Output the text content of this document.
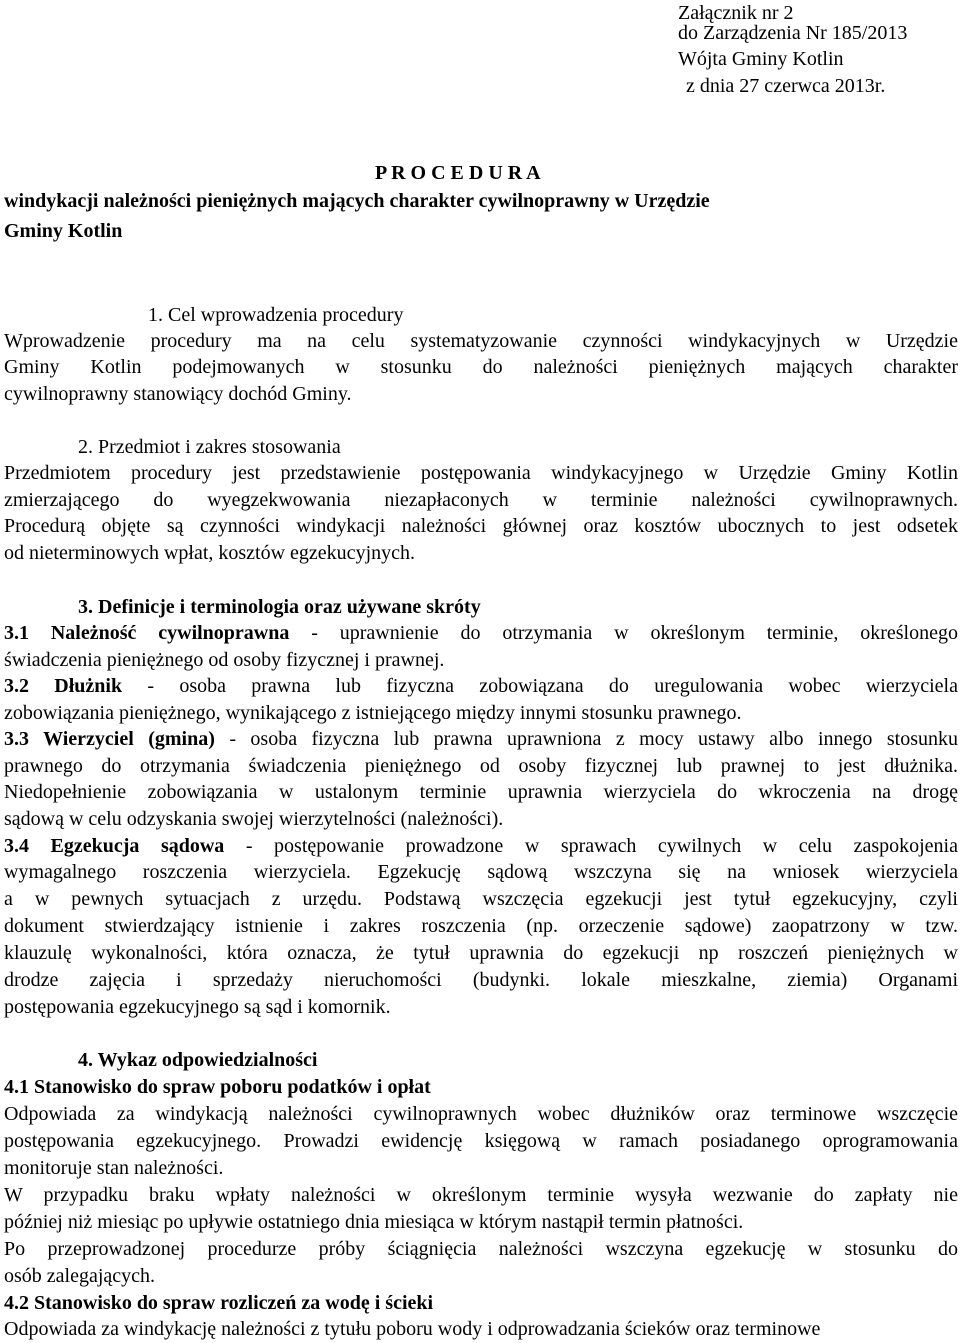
Załącznik nr 2
do Zarządzenia Nr 185/2013
Wójta Gminy Kotlin
z dnia 27 czerwca 2013r.
P R O C E D U R A
windykacji należności pieniężnych mających charakter cywilnoprawny w Urzędzie
Gminy Kotlin
1. Cel wprowadzenia procedury
Wprowadzenie procedury ma na celu systematyzowanie czynności windykacyjnych w Urzędzie
Gminy Kotlin podejmowanych w stosunku do należności pieniężnych mających charakter
cywilnoprawny stanowiący dochód Gminy.
2. Przedmiot i zakres stosowania
Przedmiotem procedury jest przedstawienie postępowania windykacyjnego w Urzędzie Gminy Kotlin
zmierzającego do wyegzekwowania niezapłaconych w terminie należności cywilnoprawnych.
Procedurą objęte są czynności windykacji należności głównej oraz kosztów ubocznych to jest odsetek
od nieterminowych wpłat, kosztów egzekucyjnych.
3. Definicje i terminologia oraz używane skróty
3.1 Należność cywilnoprawna - uprawnienie do otrzymania w określonym terminie, określonego
świadczenia pieniężnego od osoby fizycznej i prawnej.
3.2 Dłużnik - osoba prawna lub fizyczna zobowiązana do uregulowania wobec wierzyciela
zobowiązania pieniężnego, wynikającego z istniejącego między innymi stosunku prawnego.
3.3 Wierzyciel (gmina) - osoba fizyczna lub prawna uprawniona z mocy ustawy albo innego stosunku
prawnego do otrzymania świadczenia pieniężnego od osoby fizycznej lub prawnej to jest dłużnika.
Niedopełnienie zobowiązania w ustalonym terminie uprawnia wierzyciela do wkroczenia na drogę
sądową w celu odzyskania swojej wierzytelności (należności).
3.4 Egzekucja sądowa - postępowanie prowadzone w sprawach cywilnych w celu zaspokojenia
wymagalnego roszczenia wierzyciela. Egzekucję sądową wszczyna się na wniosek wierzyciela
a w pewnych sytuacjach z urzędu. Podstawą wszczęcia egzekucji jest tytuł egzekucyjny, czyli
dokument stwierdzający istnienie i zakres roszczenia (np. orzeczenie sądowe) zaopatrzony w tzw.
klauzulę wykonalności, która oznacza, że tytuł uprawnia do egzekucji np roszczeń pieniężnych w
drodze zajęcia i sprzedaży nieruchomości (budynki. lokale mieszkalne, ziemia) Organami
postępowania egzekucyjnego są sąd i komornik.
4. Wykaz odpowiedzialności
4.1 Stanowisko do spraw poboru podatków i opłat
Odpowiada za windykacją należności cywilnoprawnych wobec dłużników oraz terminowe wszczęcie
postępowania egzekucyjnego. Prowadzi ewidencję księgową w ramach posiadanego oprogramowania
monitoruje stan należności.
W przypadku braku wpłaty należności w określonym terminie wysyła wezwanie do zapłaty nie
później niż miesiąc po upływie ostatniego dnia miesiąca w którym nastąpił termin płatności.
Po przeprowadzonej procedurze próby ściągnięcia należności wszczyna egzekucję w stosunku do
osób zalegających.
4.2 Stanowisko do spraw rozliczeń za wodę i ścieki
Odpowiada za windykację należności z tytułu poboru wody i odprowadzania ścieków oraz terminowe
